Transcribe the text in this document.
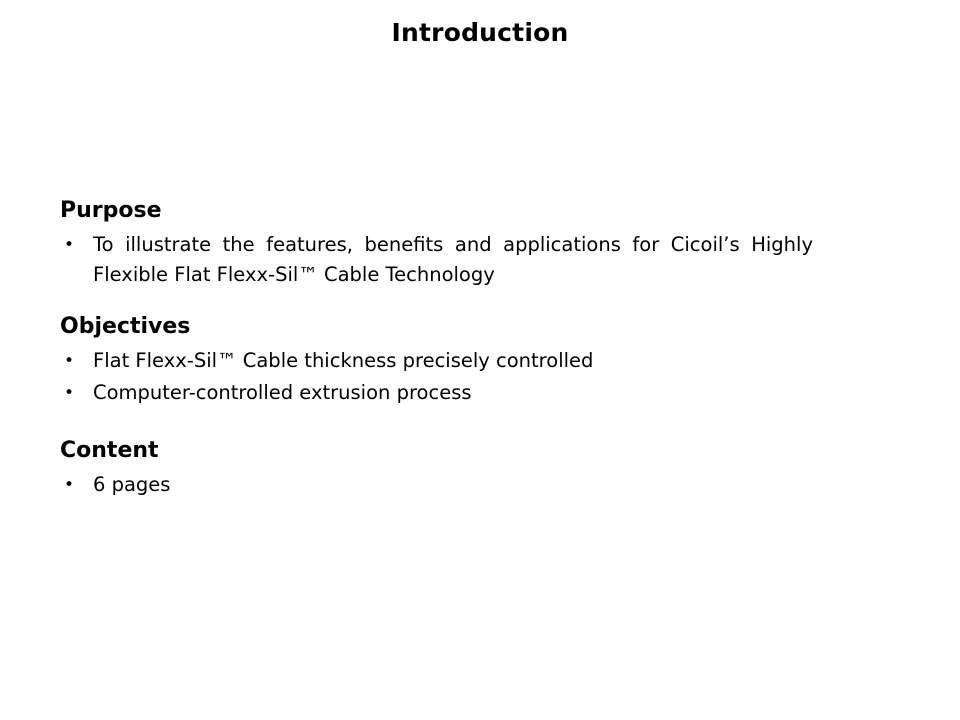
Introduction
Purpose
• To illustrate the features, benefits and applications for Cicoil’s Highly Flexible Flat Flexx-Sil™ Cable Technology
Objectives
• Flat Flexx-Sil™ Cable thickness precisely controlled
• Computer-controlled extrusion process
Content
• 6 pages
